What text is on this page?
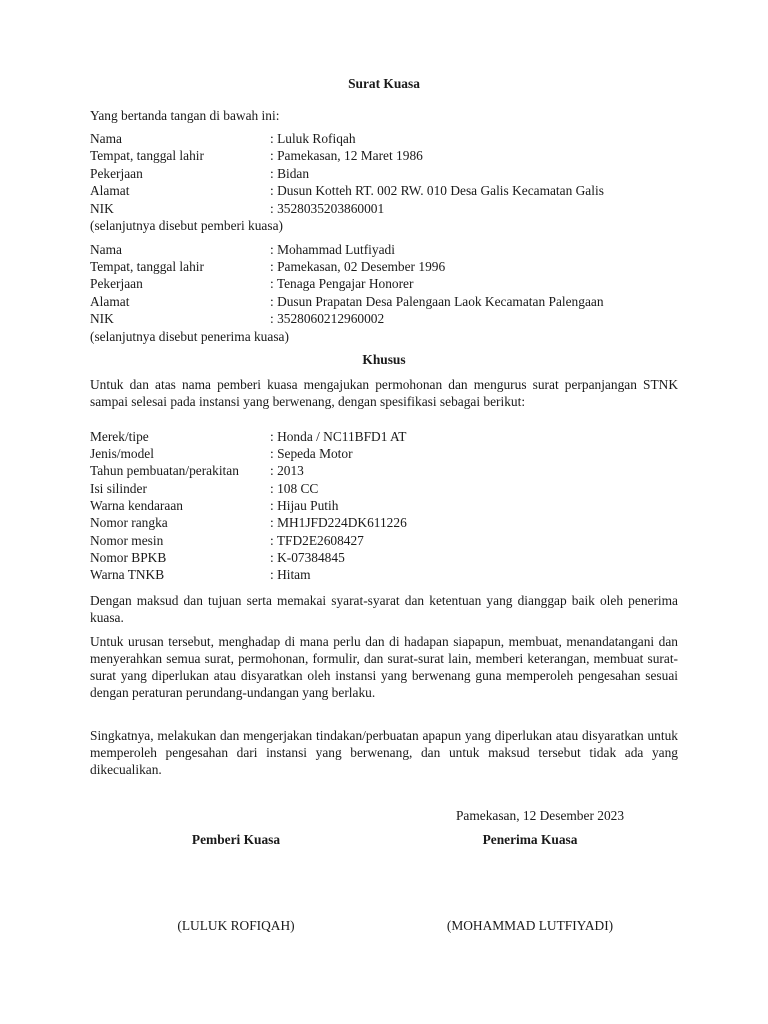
Surat Kuasa
Yang bertanda tangan di bawah ini:
Nama	: Luluk Rofiqah
Tempat, tanggal lahir	: Pamekasan, 12 Maret 1986
Pekerjaan	: Bidan
Alamat	: Dusun Kotteh RT. 002 RW. 010 Desa Galis Kecamatan Galis
NIK	: 3528035203860001
(selanjutnya disebut pemberi kuasa)
Nama	: Mohammad Lutfiyadi
Tempat, tanggal lahir	: Pamekasan, 02 Desember 1996
Pekerjaan	: Tenaga Pengajar Honorer
Alamat	: Dusun Prapatan Desa Palengaan Laok Kecamatan Palengaan
NIK	: 3528060212960002
(selanjutnya disebut penerima kuasa)
Khusus
Untuk dan atas nama pemberi kuasa mengajukan permohonan dan mengurus surat perpanjangan STNK sampai selesai pada instansi yang berwenang, dengan spesifikasi sebagai berikut:
Merek/tipe	: Honda / NC11BFD1 AT
Jenis/model	: Sepeda Motor
Tahun pembuatan/perakitan : 2013
Isi silinder	: 108 CC
Warna kendaraan	: Hijau Putih
Nomor rangka	: MH1JFD224DK611226
Nomor mesin	: TFD2E2608427
Nomor BPKB	: K-07384845
Warna TNKB	: Hitam
Dengan maksud dan tujuan serta memakai syarat-syarat dan ketentuan yang dianggap baik oleh penerima kuasa.
Untuk urusan tersebut, menghadap di mana perlu dan di hadapan siapapun, membuat, menandatangani dan menyerahkan semua surat, permohonan, formulir, dan surat-surat lain, memberi keterangan, membuat surat-surat yang diperlukan atau disyaratkan oleh instansi yang berwenang guna memperoleh pengesahan sesuai dengan peraturan perundang-undangan yang berlaku.
Singkatnya, melakukan dan mengerjakan tindakan/perbuatan apapun yang diperlukan atau disyaratkan untuk memperoleh pengesahan dari instansi yang berwenang, dan untuk maksud tersebut tidak ada yang dikecualikan.
Pamekasan, 12 Desember 2023
Pemberi Kuasa	Penerima Kuasa
(LULUK ROFIQAH)	(MOHAMMAD LUTFIYADI)
